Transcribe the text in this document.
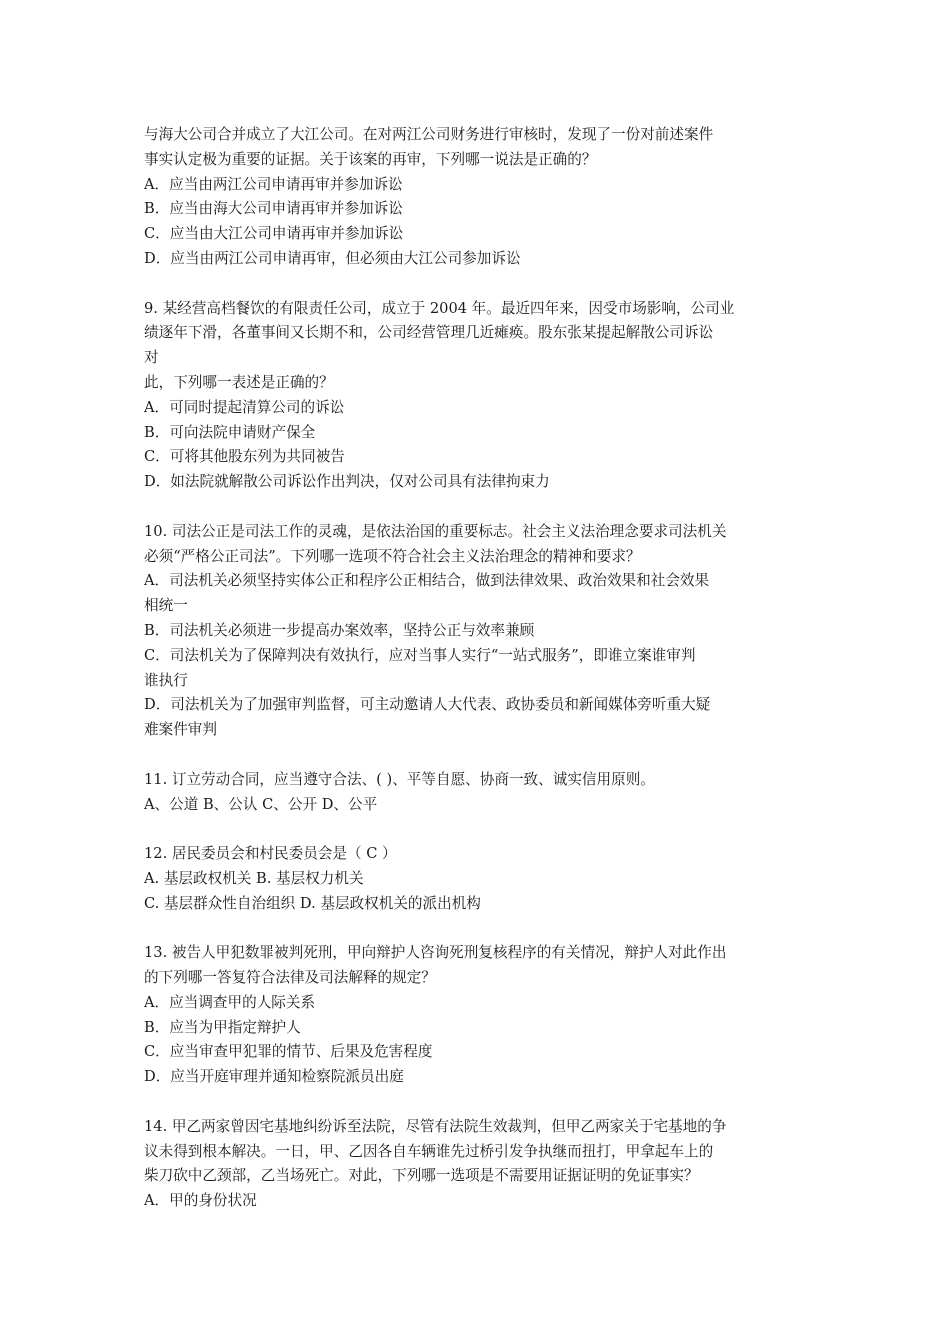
与海大公司合并成立了大江公司。在对两江公司财务进行审核时，发现了一份对前述案件
事实认定极为重要的证据。关于该案的再审，下列哪一说法是正确的？
A．应当由两江公司申请再审并参加诉讼
B．应当由海大公司申请再审并参加诉讼
C．应当由大江公司申请再审并参加诉讼
D．应当由两江公司申请再审，但必须由大江公司参加诉讼
9. 某经营高档餐饮的有限责任公司，成立于 2004 年。最近四年来，因受市场影响，公司业
绩逐年下滑，各董事间又长期不和，公司经营管理几近瘫痪。股东张某提起解散公司诉讼
对
此，下列哪一表述是正确的？
A．可同时提起清算公司的诉讼
B．可向法院申请财产保全
C．可将其他股东列为共同被告
D．如法院就解散公司诉讼作出判决，仅对公司具有法律拘束力
10. 司法公正是司法工作的灵魂，是依法治国的重要标志。社会主义法治理念要求司法机关
必须“严格公正司法”。下列哪一选项不符合社会主义法治理念的精神和要求？
A．司法机关必须坚持实体公正和程序公正相结合，做到法律效果、政治效果和社会效果
相统一
B．司法机关必须进一步提高办案效率，坚持公正与效率兼顾
C．司法机关为了保障判决有效执行，应对当事人实行“一站式服务”，即谁立案谁审判
谁执行
D．司法机关为了加强审判监督，可主动邀请人大代表、政协委员和新闻媒体旁听重大疑
难案件审判
11. 订立劳动合同，应当遵守合法、( )、平等自愿、协商一致、诚实信用原则。
A、公道 B、公认 C、公开 D、公平
12. 居民委员会和村民委员会是（ C ）
A. 基层政权机关 B. 基层权力机关
C. 基层群众性自治组织 D. 基层政权机关的派出机构
13. 被告人甲犯数罪被判死刑，甲向辩护人咨询死刑复核程序的有关情况，辩护人对此作出
的下列哪一答复符合法律及司法解释的规定？
A．应当调查甲的人际关系
B．应当为甲指定辩护人
C．应当审查甲犯罪的情节、后果及危害程度
D．应当开庭审理并通知检察院派员出庭
14. 甲乙两家曾因宅基地纠纷诉至法院，尽管有法院生效裁判，但甲乙两家关于宅基地的争
议未得到根本解决。一日，甲、乙因各自车辆谁先过桥引发争执继而扭打，甲拿起车上的
柴刀砍中乙颈部，乙当场死亡。对此，下列哪一选项是不需要用证据证明的免证事实？
A．甲的身份状况
